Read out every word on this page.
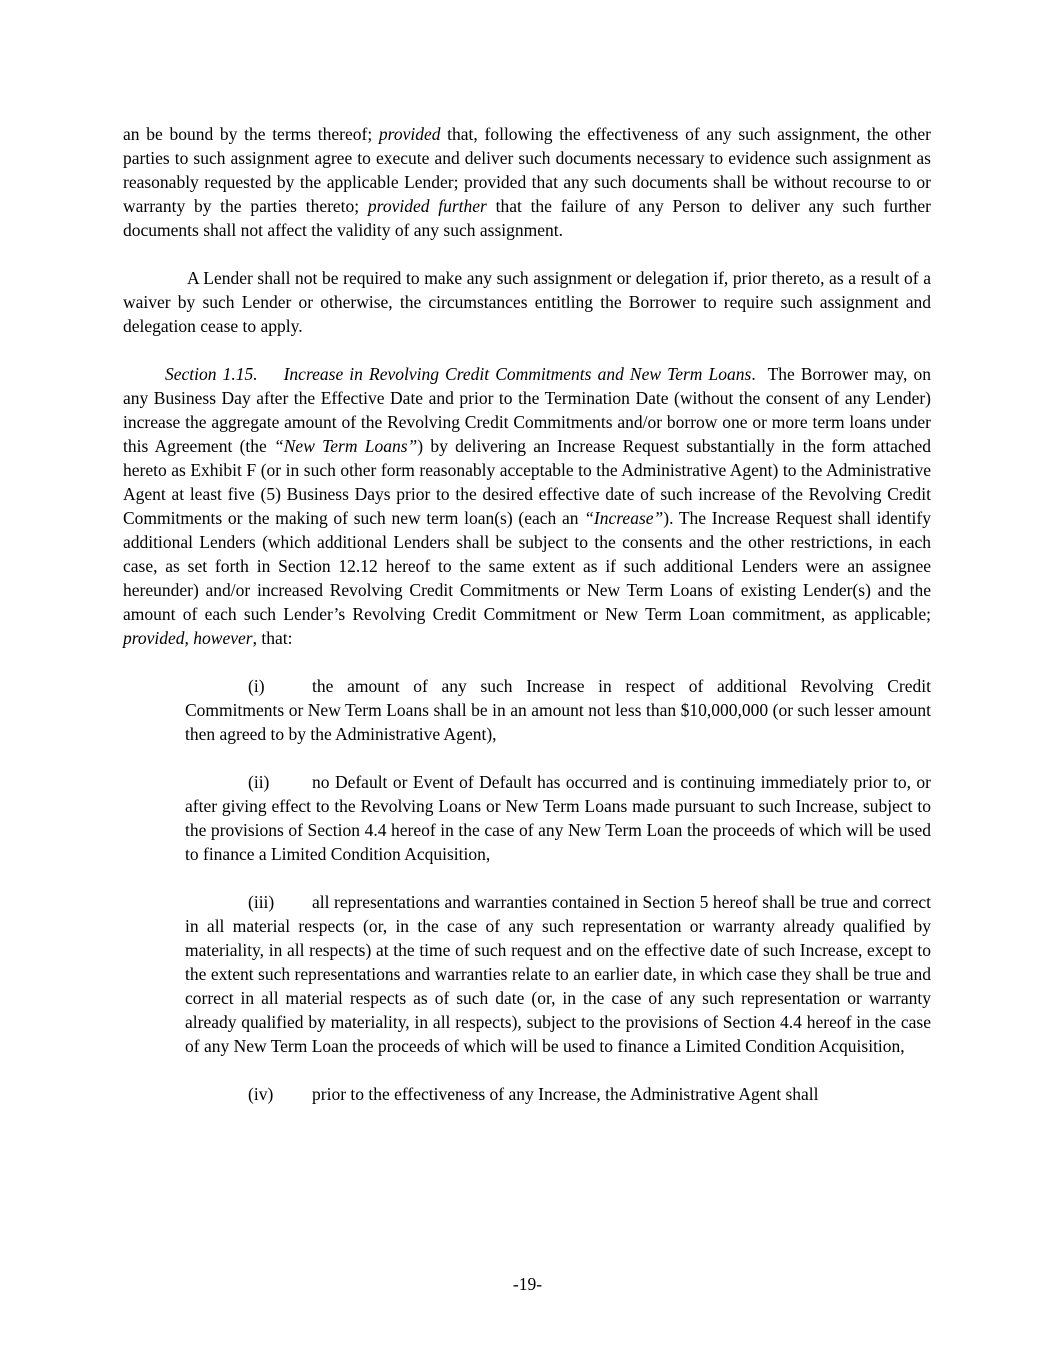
an be bound by the terms thereof; provided that, following the effectiveness of any such assignment, the other parties to such assignment agree to execute and deliver such documents necessary to evidence such assignment as reasonably requested by the applicable Lender; provided that any such documents shall be without recourse to or warranty by the parties thereto; provided further that the failure of any Person to deliver any such further documents shall not affect the validity of any such assignment.

A Lender shall not be required to make any such assignment or delegation if, prior thereto, as a result of a waiver by such Lender or otherwise, the circumstances entitling the Borrower to require such assignment and delegation cease to apply.

Section 1.15. Increase in Revolving Credit Commitments and New Term Loans.  The Borrower may, on any Business Day after the Effective Date and prior to the Termination Date (without the consent of any Lender) increase the aggregate amount of the Revolving Credit Commitments and/or borrow one or more term loans under this Agreement (the “New Term Loans”) by delivering an Increase Request substantially in the form attached hereto as Exhibit F (or in such other form reasonably acceptable to the Administrative Agent) to the Administrative Agent at least five (5) Business Days prior to the desired effective date of such increase of the Revolving Credit Commitments or the making of such new term loan(s) (each an “Increase”). The Increase Request shall identify additional Lenders (which additional Lenders shall be subject to the consents and the other restrictions, in each case, as set forth in Section 12.12 hereof to the same extent as if such additional Lenders were an assignee hereunder) and/or increased Revolving Credit Commitments or New Term Loans of existing Lender(s) and the amount of each such Lender’s Revolving Credit Commitment or New Term Loan commitment, as applicable; provided, however, that:

(i)	the amount of any such Increase in respect of additional Revolving Credit Commitments or New Term Loans shall be in an amount not less than $10,000,000 (or such lesser amount then agreed to by the Administrative Agent),

(ii) no Default or Event of Default has occurred and is continuing immediately prior to, or after giving effect to the Revolving Loans or New Term Loans made pursuant to such Increase, subject to the provisions of Section 4.4 hereof in the case of any New Term Loan the proceeds of which will be used to finance a Limited Condition Acquisition,

(iii) all representations and warranties contained in Section 5 hereof shall be true and correct in all material respects (or, in the case of any such representation or warranty already qualified by materiality, in all respects) at the time of such request and on the effective date of such Increase, except to the extent such representations and warranties relate to an earlier date, in which case they shall be true and correct in all material respects as of such date (or, in the case of any such representation or warranty already qualified by materiality, in all respects), subject to the provisions of Section 4.4 hereof in the case of any New Term Loan the proceeds of which will be used to finance a Limited Condition Acquisition,

(iv) prior to the effectiveness of any Increase, the Administrative Agent shall

-19-
